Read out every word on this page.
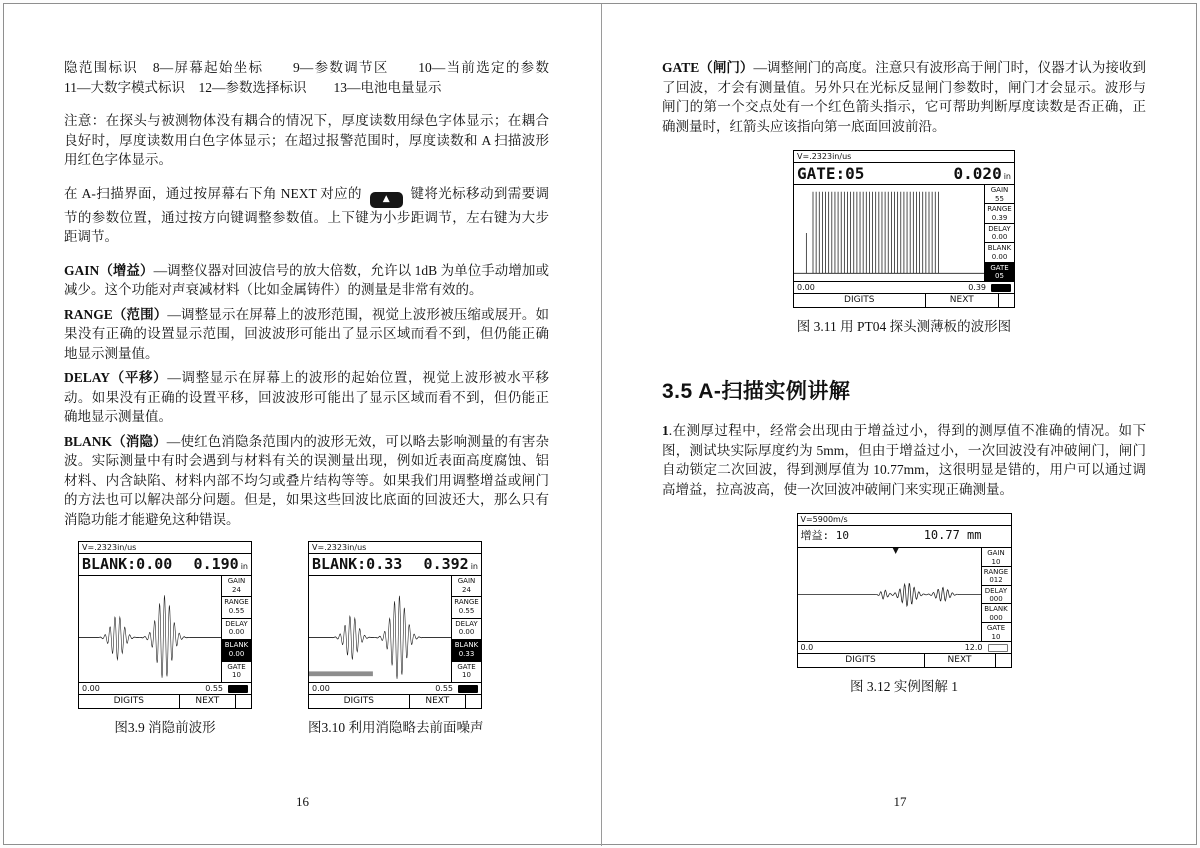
隐范围标识　8—屏幕起始坐标　　9—参数调节区　　10—当前选定的参数　　11—大数字模式标识　12—参数选择标识　　13—电池电量显示

注意：在探头与被测物体没有耦合的情况下，厚度读数用绿色字体显示；在耦合良好时，厚度读数用白色字体显示；在超过报警范围时，厚度读数和 A 扫描波形用红色字体显示。

在 A-扫描界面，通过按屏幕右下角 NEXT 对应的 ▲ 键将光标移动到需要调节的参数位置，通过按方向键调整参数值。上下键为小步距调节，左右键为大步距调节。

GAIN（增益）—调整仪器对回波信号的放大倍数，允许以 1dB 为单位手动增加或减少。这个功能对声衰减材料（比如金属铸件）的测量是非常有效的。

RANGE（范围）—调整显示在屏幕上的波形范围，视觉上波形被压缩或展开。如果没有正确的设置显示范围，回波波形可能出了显示区域而看不到，但仍能正确地显示测量值。

DELAY（平移）—调整显示在屏幕上的波形的起始位置，视觉上波形被水平移动。如果没有正确的设置平移，回波波形可能出了显示区域而看不到，但仍能正确地显示测量值。

BLANK（消隐）—使红色消隐条范围内的波形无效，可以略去影响测量的有害杂波。实际测量中有时会遇到与材料有关的误测量出现，例如近表面高度腐蚀、铝材料、内含缺陷、材料内部不均匀或叠片结构等等。如果我们用调整增益或闸门的方法也可以解决部分问题。但是，如果这些回波比底面的回波还大，那么只有消隐功能才能避免这种错误。

V=.2323in/us
BLANK:0.00 0.190 in
GAIN
24
RANGE
0.55
DELAY
0.00
BLANK
0.00
GATE
10
0.00	0.55
DIGITS	NEXT
图3.9 消隐前波形
V=.2323in/us
BLANK:0.33 0.392 in
GAIN
24
RANGE
0.55
DELAY
0.00
BLANK
0.33
GATE
10
0.00	0.55
DIGITS	NEXT
图3.10 利用消隐略去前面噪声
16

GATE（闸门）—调整闸门的高度。注意只有波形高于闸门时，仪器才认为接收到了回波，才会有测量值。另外只在光标反显闸门参数时，闸门才会显示。波形与闸门的第一个交点处有一个红色箭头指示，它可帮助判断厚度读数是否正确，正确测量时，红箭头应该指向第一底面回波前沿。

V=.2323in/us
GATE:05	0.020 in
GAIN
55
RANGE
0.39
DELAY
0.00
BLANK
0.00
GATE
05
0.00	0.39
DIGITS	NEXT
图 3.11 用 PT04 探头测薄板的波形图
3.5 A-扫描实例讲解

1.在测厚过程中，经常会出现由于增益过小，得到的测厚值不准确的情况。如下图，测试块实际厚度约为 5mm，但由于增益过小，一次回波没有冲破闸门，闸门自动锁定二次回波，得到测厚值为 10.77mm，这很明显是错的，用户可以通过调高增益，拉高波高，使一次回波冲破闸门来实现正确测量。

V=5900m/s
增益: 10	10.77 mm
▼	GAIN
10
RANGE
012
DELAY
000
BLANK
000
GATE
10
0.0	12.0
DIGITS	NEXT
图 3.12 实例图解 1
17
